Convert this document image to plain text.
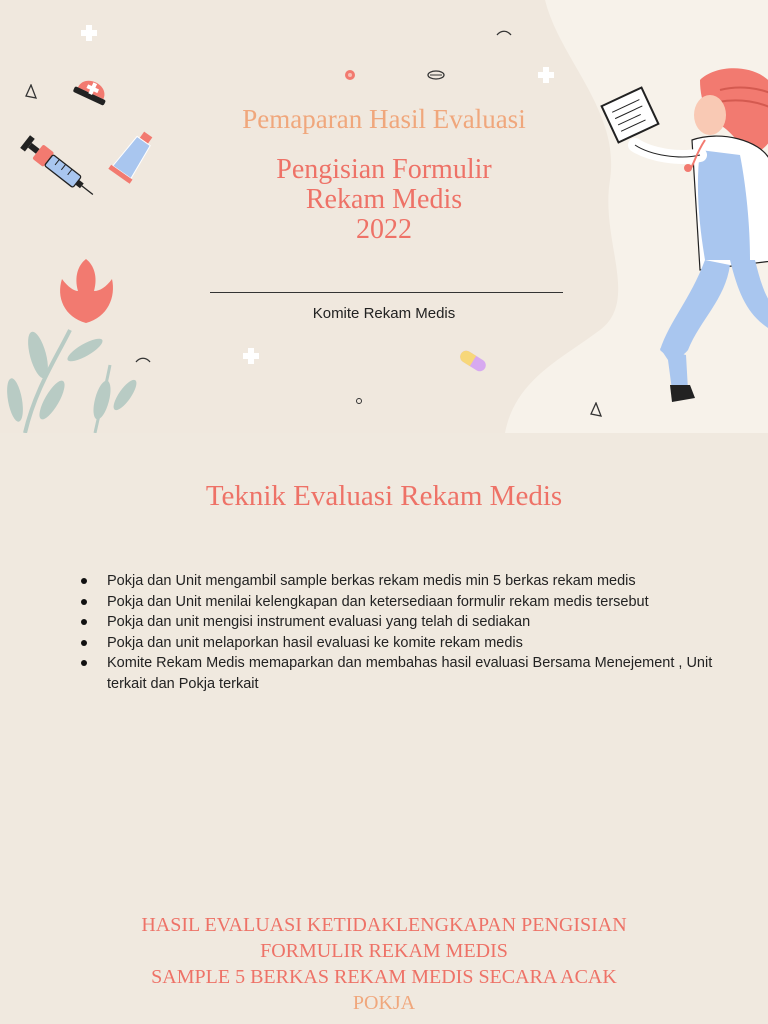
Pemaparan Hasil Evaluasi
Pengisian Formulir
Rekam Medis
2022
Komite Rekam Medis
Teknik Evaluasi Rekam Medis
Pokja dan Unit mengambil sample berkas rekam medis min 5 berkas rekam medis
Pokja dan Unit menilai kelengkapan dan ketersediaan formulir rekam medis tersebut
Pokja dan unit mengisi instrument evaluasi yang telah di sediakan
Pokja dan unit melaporkan hasil evaluasi ke komite rekam medis
Komite Rekam Medis memaparkan dan membahas hasil evaluasi Bersama Menejement , Unit terkait dan Pokja terkait
HASIL EVALUASI KETIDAKLENGKAPAN PENGISIAN
FORMULIR REKAM MEDIS
SAMPLE 5 BERKAS REKAM MEDIS SECARA ACAK
POKJA
